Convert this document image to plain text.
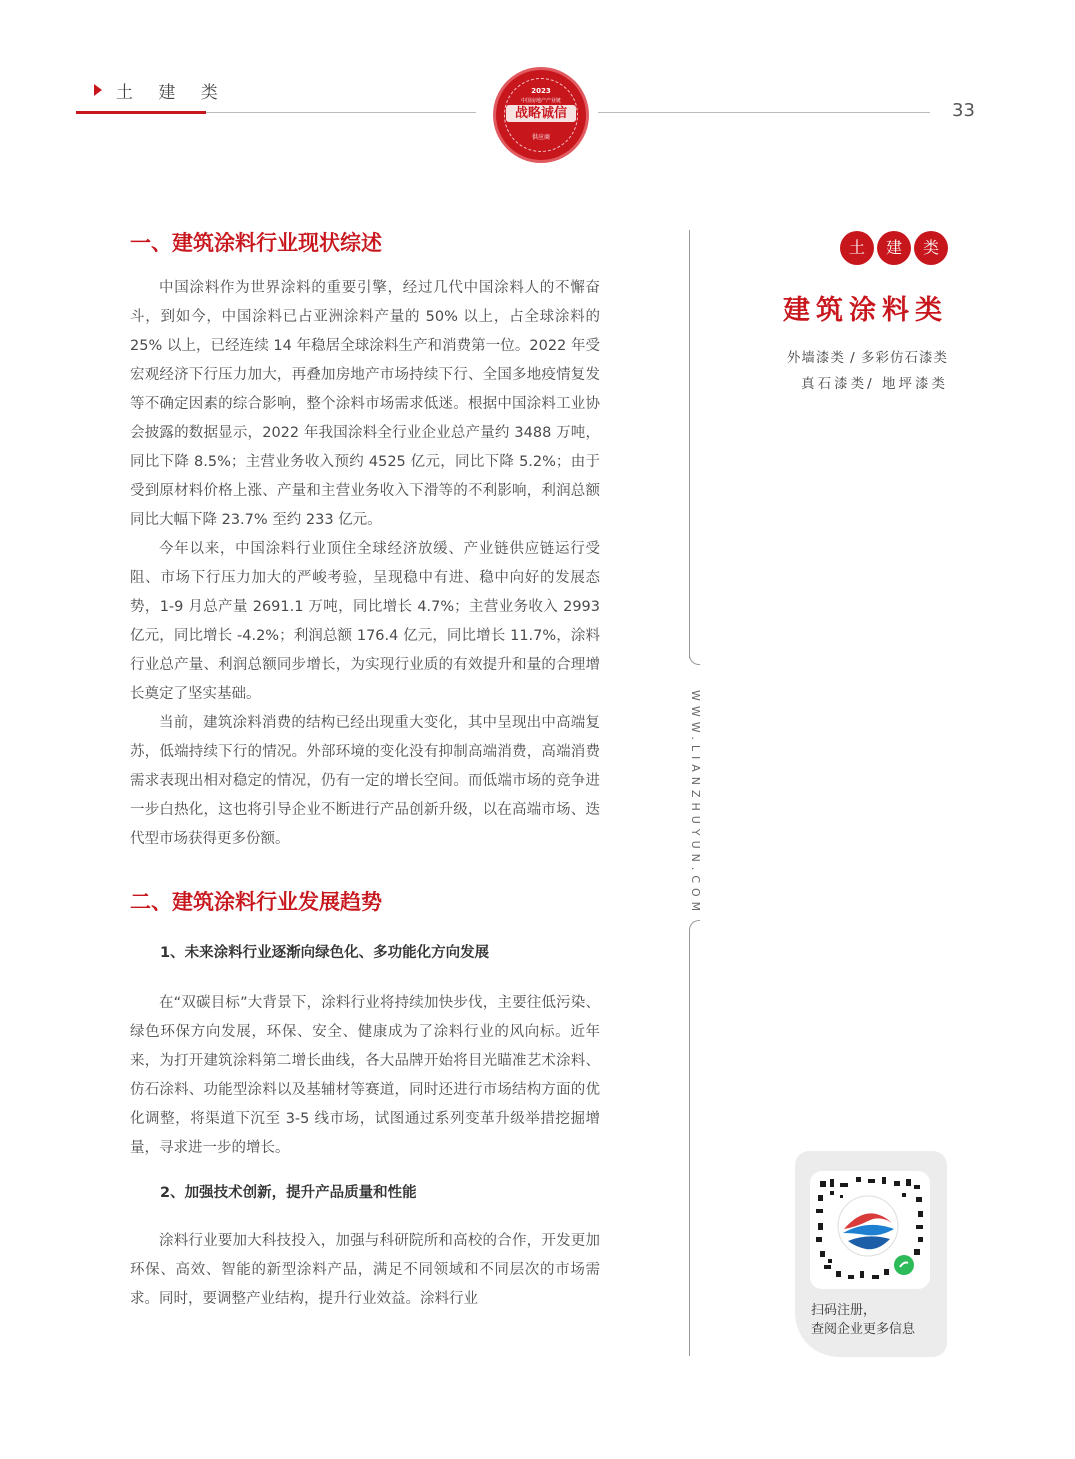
土 建 类
33
2023
中国房地产产业链
战略诚信
供应商
一、建筑涂料行业现状综述

中国涂料作为世界涂料的重要引擎，经过几代中国涂料人的不懈奋斗，到如今，中国涂料已占亚洲涂料产量的 50% 以上，占全球涂料的 25% 以上，已经连续 14 年稳居全球涂料生产和消费第一位。2022 年受宏观经济下行压力加大，再叠加房地产市场持续下行、全国多地疫情复发等不确定因素的综合影响，整个涂料市场需求低迷。根据中国涂料工业协会披露的数据显示，2022 年我国涂料全行业企业总产量约 3488 万吨，同比下降 8.5%；主营业务收入预约 4525 亿元，同比下降 5.2%；由于受到原材料价格上涨、产量和主营业务收入下滑等的不利影响，利润总额同比大幅下降 23.7% 至约 233 亿元。

今年以来，中国涂料行业顶住全球经济放缓、产业链供应链运行受阻、市场下行压力加大的严峻考验，呈现稳中有进、稳中向好的发展态势，1-9 月总产量 2691.1 万吨，同比增长 4.7%；主营业务收入 2993 亿元，同比增长 -4.2%；利润总额 176.4 亿元，同比增长 11.7%，涂料行业总产量、利润总额同步增长，为实现行业质的有效提升和量的合理增长奠定了坚实基础。

当前，建筑涂料消费的结构已经出现重大变化，其中呈现出中高端复苏，低端持续下行的情况。外部环境的变化没有抑制高端消费，高端消费需求表现出相对稳定的情况，仍有一定的增长空间。而低端市场的竞争进一步白热化，这也将引导企业不断进行产品创新升级，以在高端市场、迭代型市场获得更多份额。

二、建筑涂料行业发展趋势
1、未来涂料行业逐渐向绿色化、多功能化方向发展

在“双碳目标”大背景下，涂料行业将持续加快步伐，主要往低污染、绿色环保方向发展，环保、安全、健康成为了涂料行业的风向标。近年来，为打开建筑涂料第二增长曲线，各大品牌开始将目光瞄准艺术涂料、仿石涂料、功能型涂料以及基辅材等赛道，同时还进行市场结构方面的优化调整，将渠道下沉至 3-5 线市场，试图通过系列变革升级举措挖掘增量，寻求进一步的增长。

2、加强技术创新，提升产品质量和性能

涂料行业要加大科技投入，加强与科研院所和高校的合作，开发更加环保、高效、智能的新型涂料产品，满足不同领域和不同层次的市场需求。同时，要调整产业结构，提升行业效益。涂料行业

WWW.LIANZHUYUN.COM
土	建	类
建筑涂料类
外墙漆类 / 多彩仿石漆类
真石漆类/ 地坪漆类
扫码注册，
查阅企业更多信息
